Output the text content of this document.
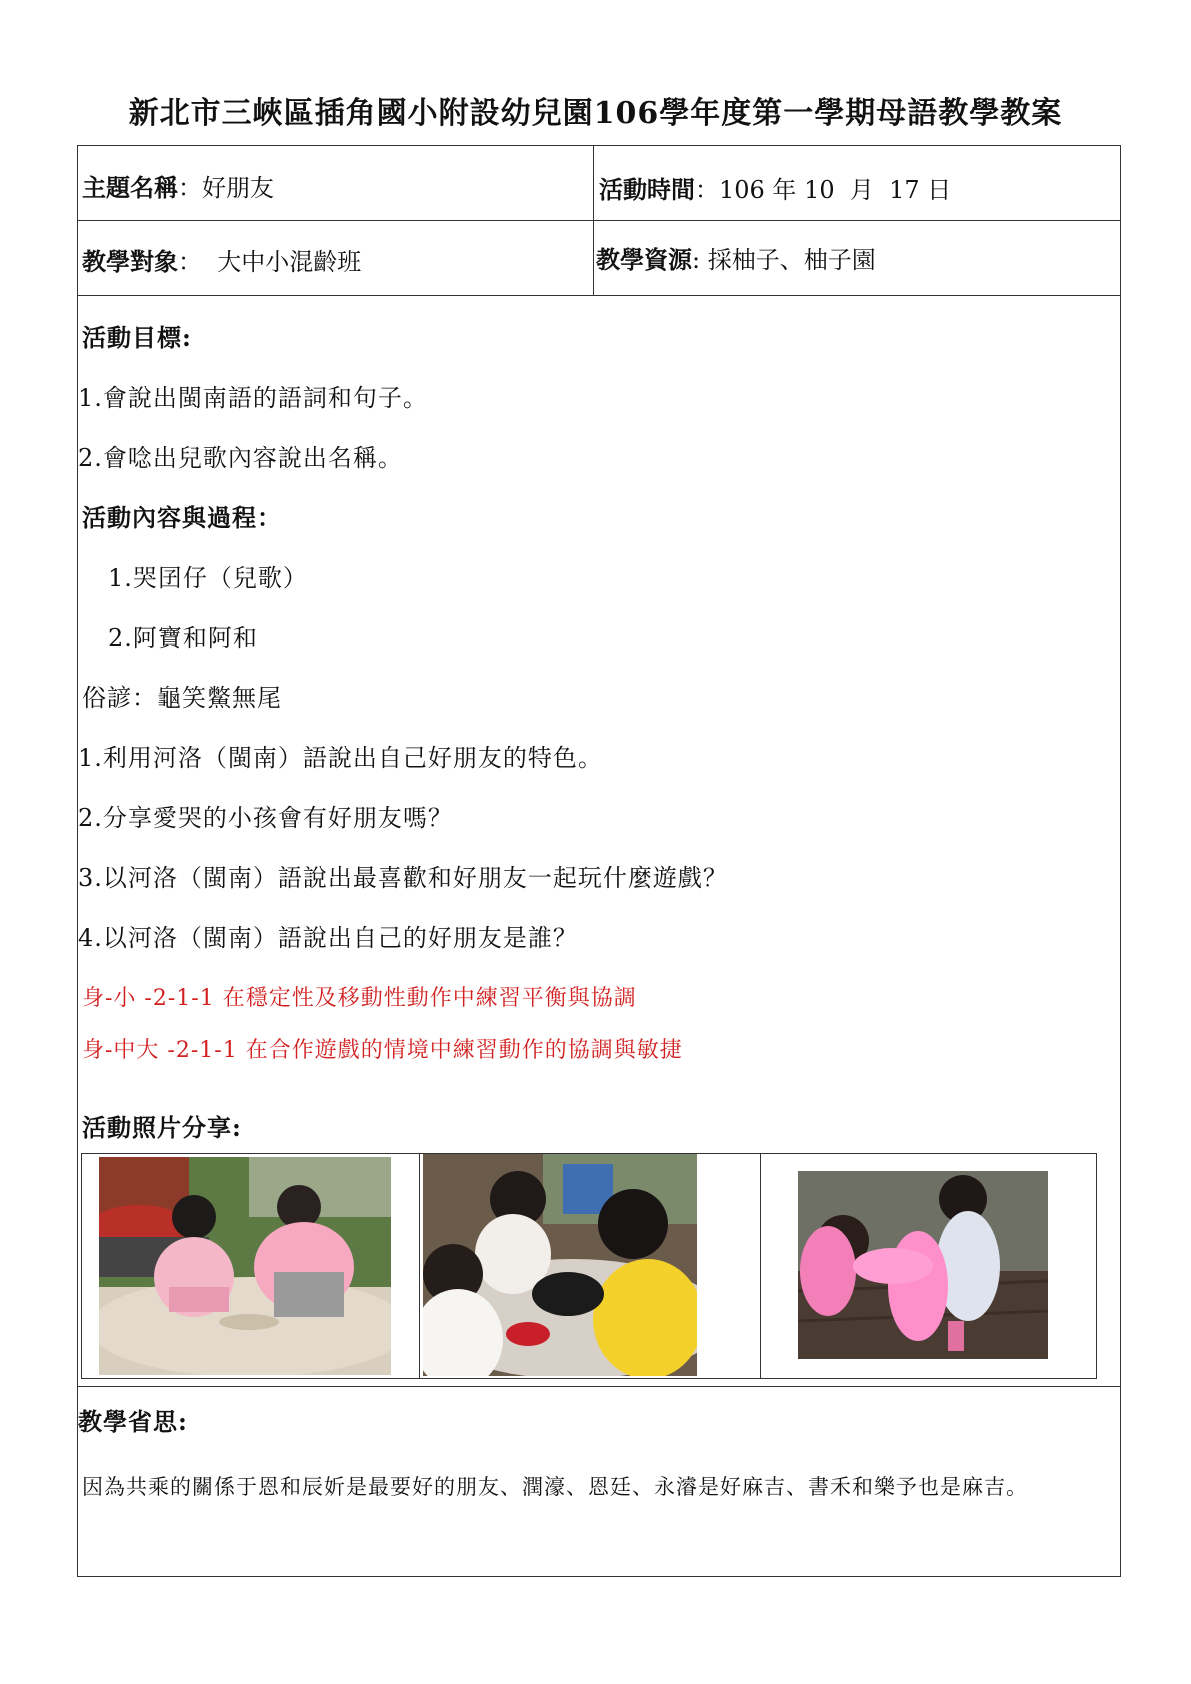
新北市三峽區插角國小附設幼兒園106學年度第一學期母語教學教案
主題名稱：好朋友	活動時間：106 年 10  月  17 日
教學對象：  大中小混齡班	教學資源: 採柚子、柚子園
活動目標:
1.會說出閩南語的語詞和句子。
2.會唸出兒歌內容說出名稱。
活動內容與過程：
1.哭囝仔（兒歌）
2.阿寶和阿和
俗諺：龜笑鱉無尾
1.利用河洛（閩南）語說出自己好朋友的特色。
2.分享愛哭的小孩會有好朋友嗎？
3.以河洛（閩南）語說出最喜歡和好朋友一起玩什麼遊戲？
4.以河洛（閩南）語說出自己的好朋友是誰？
身-小 -2-1-1 在穩定性及移動性動作中練習平衡與協調
身-中大 -2-1-1 在合作遊戲的情境中練習動作的協調與敏捷
活動照片分享:
教學省思:
因為共乘的關係于恩和辰妡是最要好的朋友、潤濠、恩廷、永濬是好麻吉、書禾和樂予也是麻吉。
